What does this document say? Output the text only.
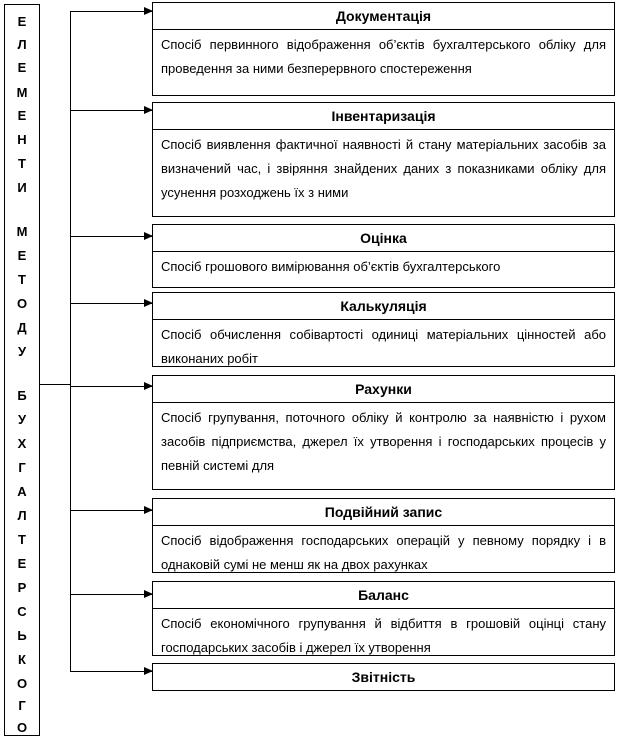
Е
Л
Е
М
Е
Н
Т
И
М
Е
Т
О
Д
У
Б
У
Х
Г
А
Л
Т
Е
Р
С
Ь
К
О
Г
О
Документація
Спосіб первинного відображення об’єктів бухгалтерського обліку для проведення за ними безперервного спостереження
Інвентаризація
Спосіб виявлення фактичної наявності й стану матеріальних засобів за визначений час, і звіряння знайдених даних з показниками обліку для усунення розходжень їх з ними
Оцінка
Спосіб грошового вимірювання об’єктів бухгалтерського
Калькуляція
Спосіб обчислення собівартості одиниці матеріальних цінностей або виконаних робіт
Рахунки
Спосіб групування, поточного обліку й контролю за наявністю і рухом засобів підприємства, джерел їх утворення і господарських процесів у певній системі для
Подвійний запис
Спосіб відображення господарських операцій у певному порядку і в однаковій сумі не менш як на двох рахунках
Баланс
Спосіб економічного групування й відбиття в грошовій оцінці стану господарських засобів і джерел їх утворення
Звітність
